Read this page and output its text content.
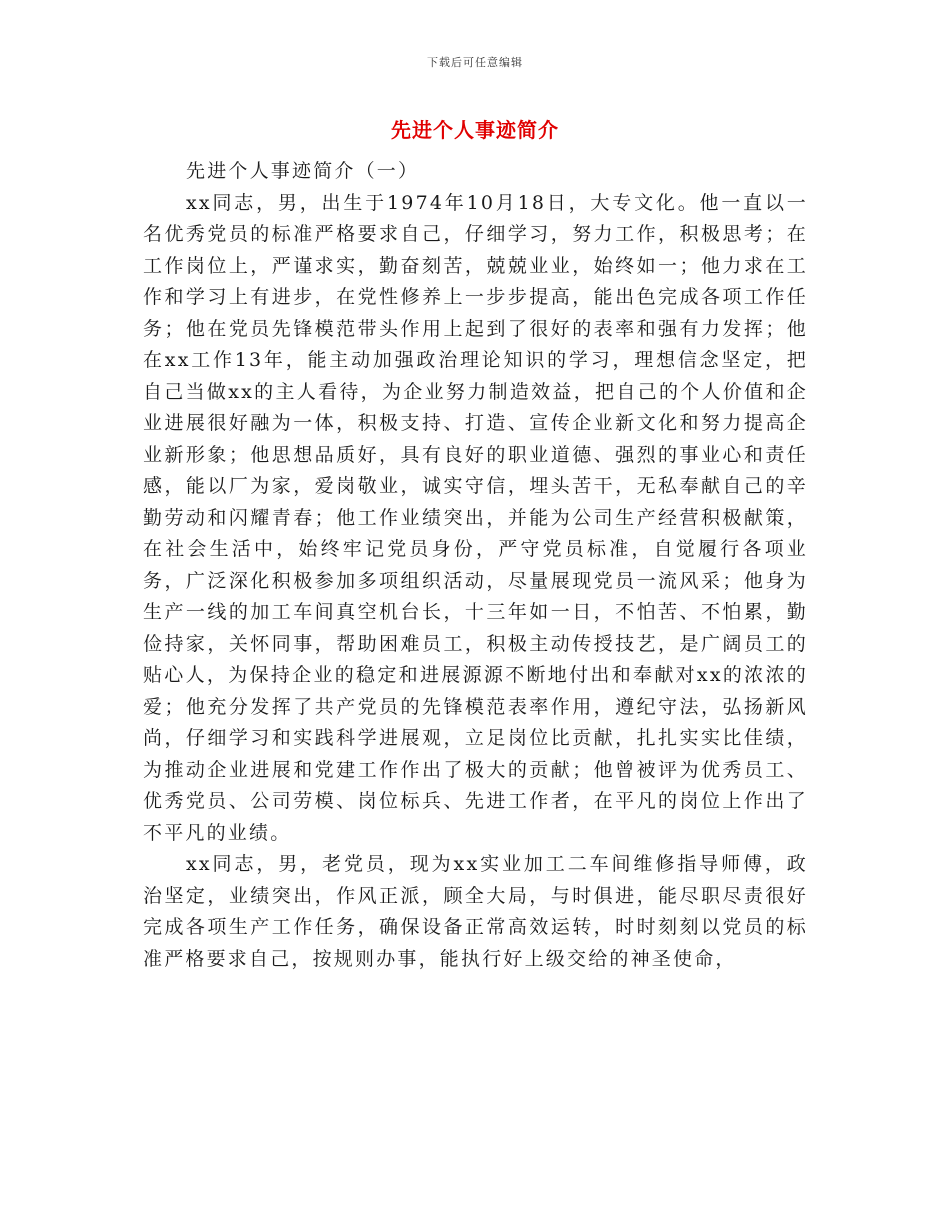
下载后可任意编辑
先进个人事迹简介

先进个人事迹简介（一）

xx同志，男，出生于1974年10月18日，大专文化。他一直以一名优秀党员的标准严格要求自己，仔细学习，努力工作，积极思考；在工作岗位上，严谨求实，勤奋刻苦，兢兢业业，始终如一；他力求在工作和学习上有进步，在党性修养上一步步提高，能出色完成各项工作任务；他在党员先锋模范带头作用上起到了很好的表率和强有力发挥；他在xx工作13年，能主动加强政治理论知识的学习，理想信念坚定，把自己当做xx的主人看待，为企业努力制造效益，把自己的个人价值和企业进展很好融为一体，积极支持、打造、宣传企业新文化和努力提高企业新形象；他思想品质好，具有良好的职业道德、强烈的事业心和责任感，能以厂为家，爱岗敬业，诚实守信，埋头苦干，无私奉献自己的辛勤劳动和闪耀青春；他工作业绩突出，并能为公司生产经营积极献策，在社会生活中，始终牢记党员身份，严守党员标准，自觉履行各项业务，广泛深化积极参加多项组织活动，尽量展现党员一流风采；他身为生产一线的加工车间真空机台长，十三年如一日，不怕苦、不怕累，勤俭持家，关怀同事，帮助困难员工，积极主动传授技艺，是广阔员工的贴心人，为保持企业的稳定和进展源源不断地付出和奉献对xx的浓浓的爱；他充分发挥了共产党员的先锋模范表率作用，遵纪守法，弘扬新风尚，仔细学习和实践科学进展观，立足岗位比贡献，扎扎实实比佳绩，为推动企业进展和党建工作作出了极大的贡献；他曾被评为优秀员工、优秀党员、公司劳模、岗位标兵、先进工作者，在平凡的岗位上作出了不平凡的业绩。

xx同志，男，老党员，现为xx实业加工二车间维修指导师傅，政治坚定，业绩突出，作风正派，顾全大局，与时俱进，能尽职尽责很好完成各项生产工作任务，确保设备正常高效运转，时时刻刻以党员的标准严格要求自己，按规则办事，能执行好上级交给的神圣使命，
